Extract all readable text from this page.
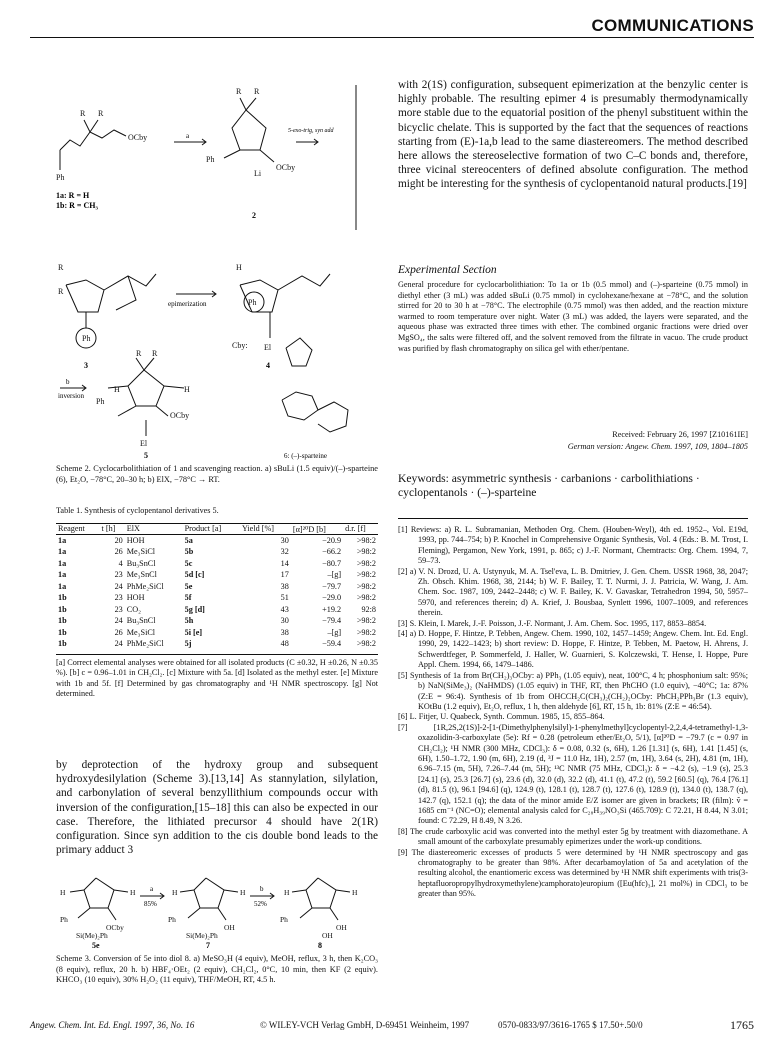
COMMUNICATIONS
R R
OCby
Ph
R R
Ph
OCby
Li
R
R
Ph
H
Ph
El
H	H
Ph
OCby
El
R R
Cby:
1a: R = H
1b: R = CH₃
2
3	4
5	6: (–)-sparteine
a
5-exo-trig, syn add
epimerization
b
inversion
Scheme 2. Cyclocarbolithiation of 1 and scavenging reaction. a) sBuLi (1.5 equiv)/(–)-sparteine (6), Et₂O, −78°C, 20–30 h; b) ElX, −78°C → RT.
Table 1. Synthesis of cyclopentanol derivatives 5.
Reagent	t [h]	ElX	Product [a]	Yield [%]	[α]²⁰D [b]	d.r. [f]
1a	20	HOH	5a	30	−20.9	>98:2
1a	26	Me₃SiCl	5b	32	−66.2	>98:2
1a	4	Bu₃SnCl	5c	14	−80.7	>98:2
1a	23	Me₃SnCl	5d [c]	17	–[g]	>98:2
1a	24	PhMe₂SiCl	5e	38	−79.7	>98:2
1b	23	HOH	5f	51	−29.0	>98:2
1b	23	CO₂	5g [d]	43	+19.2	92:8
1b	24	Bu₃SnCl	5h	30	−79.4	>98:2
1b	26	Me₃SiCl	5i [e]	38	–[g]	>98:2
1b	24	PhMe₂SiCl	5j	48	−59.4	>98:2
[a] Correct elemental analyses were obtained for all isolated products (C ±0.32, H ±0.26, N ±0.35 %). [b] c = 0.96–1.01 in CH₂Cl₂. [c] Mixture with 5a. [d] Isolated as the methyl ester. [e] Mixture with 1b and 5f. [f] Determined by gas chromatography and ¹H NMR spectroscopy. [g] Not determined.
by deprotection of the hydroxy group and subsequent hydroxydesilylation (Scheme 3).[13,14] As stannylation, silylation, and carbonylation of several benzyllithium compounds occur with inversion of the configuration,[15–18] this can also be expected in our case. Therefore, the lithiated precursor 4 should have 2(1R) configuration. Since syn addition to the cis double bond leads to the primary adduct 3
H	H
Ph
OCby
Si(Me)₂Ph
H	H
Ph
OH
Si(Me)₂Ph
H	H
Ph
OH
OH
5e	7	8
a
85%
b
52%
Scheme 3. Conversion of 5e into diol 8. a) MeSO₃H (4 equiv), MeOH, reflux, 3 h, then K₂CO₃ (8 equiv), reflux, 20 h. b) HBF₄·OEt₂ (2 equiv), CH₂Cl₂, 0°C, 10 min, then KF (2 equiv). KHCO₃ (10 equiv), 30% H₂O₂ (11 equiv), THF/MeOH, RT, 4.5 h.
with 2(1S) configuration, subsequent epimerization at the benzylic center is highly probable. The resulting epimer 4 is presumably thermodynamically more stable due to the equatorial position of the phenyl substituent within the bicyclic chelate. This is supported by the fact that the sequences of reactions starting from (E)-1a,b lead to the same diastereomers. The method described here allows the stereoselective formation of two C–C bonds and, therefore, three vicinal stereocenters of defined absolute configuration. The method might be interesting for the synthesis of cyclopentanoid natural products.[19]
Experimental Section
General procedure for cyclocarbolithiation: To 1a or 1b (0.5 mmol) and (–)-sparteine (0.75 mmol) in diethyl ether (3 mL) was added sBuLi (0.75 mmol) in cyclohexane/hexane at −78°C, and the solution stirred for 20 to 30 h at −78°C. The electrophile (0.75 mmol) was then added, and the reaction mixture warmed to room temperature over night. Water (3 mL) was added, the layers were separated, and the aqueous phase was extracted three times with ether. The combined organic fractions were dried over MgSO₄, the salts were filtered off, and the solvent removed from the filtrate in vacuo. The crude product was purified by flash chromatography on silica gel with ether/pentane.
Received: February 26, 1997 [Z10161IE]
German version: Angew. Chem. 1997, 109, 1804–1805
Keywords: asymmetric synthesis · carbanions · carbolithiations · cyclopentanols · (–)-sparteine
[1] Reviews: a) R. L. Subramanian, Methoden Org. Chem. (Houben-Weyl), 4th ed. 1952–, Vol. E19d, 1993, pp. 744–754; b) P. Knochel in Comprehensive Organic Synthesis, Vol. 4 (Eds.: B. M. Trost, I. Fleming), Pergamon, New York, 1991, p. 865; c) J.-F. Normant, Chemtracts: Org. Chem. 1994, 7, 59–73.
[2] a) V. N. Drozd, U. A. Ustynyuk, M. A. Tsel'eva, L. B. Dmitriev, J. Gen. Chem. USSR 1968, 38, 2047; Zh. Obsch. Khim. 1968, 38, 2144; b) W. F. Bailey, T. T. Nurmi, J. J. Patricia, W. Wang, J. Am. Chem. Soc. 1987, 109, 2442–2448; c) W. F. Bailey, K. V. Gavaskar, Tetrahedron 1994, 50, 5957–5970, and references therein; d) A. Krief, J. Bousbaa, Synlett 1996, 1007–1009, and references therein.
[3] S. Klein, I. Marek, J.-F. Poisson, J.-F. Normant, J. Am. Chem. Soc. 1995, 117, 8853–8854.
[4] a) D. Hoppe, F. Hintze, P. Tebben, Angew. Chem. 1990, 102, 1457–1459; Angew. Chem. Int. Ed. Engl. 1990, 29, 1422–1423; b) short review: D. Hoppe, F. Hintze, P. Tebben, M. Paetow, H. Ahrens, J. Schwerdtfeger, P. Sommerfeld, J. Haller, W. Guarnieri, S. Kolczewski, T. Hense, I. Hoppe, Pure Appl. Chem. 1994, 66, 1479–1486.
[5] Synthesis of 1a from Br(CH₂)₃OCby: a) PPh₃ (1.05 equiv), neat, 100°C, 4 h; phosphonium salt: 95%; b) NaN(SiMe₃)₂ (NaHMDS) (1.05 equiv) in THF, RT, then PhCHO (1.0 equiv), −40°C; 1a: 87% (Z:E = 96:4). Synthesis of 1b from OHCCH₂C(CH₃)₂(CH₂)₂OCby: PhCH₂PPh₃Br (1.3 equiv), KOtBu (1.2 equiv), Et₂O, reflux, 1 h, then aldehyde [6], RT, 15 h, 1b: 81% (Z:E = 46:54).
[6] L. Fitjer, U. Quabeck, Synth. Commun. 1985, 15, 855–864.
[7] [1R,2S,2(1S)]-2-[1-(Dimethylphenylsilyl)-1-phenylmethyl]cyclopentyl-2,2,4,4-tetramethyl-1,3-oxazolidin-3-carboxylate (5e): Rf = 0.28 (petroleum ether/Et₂O, 5/1), [α]²⁰D = −79.7 (c = 0.97 in CH₂Cl₂); ¹H NMR (300 MHz, CDCl₃): δ = 0.08, 0.32 (s, 6H), 1.26 [1.31] (s, 6H), 1.41 [1.45] (s, 6H), 1.50–1.72, 1.90 (m, 6H), 2.19 (d, ³J = 11.0 Hz, 1H), 2.57 (m, 1H), 3.64 (s, 2H), 4.81 (m, 1H), 6.96–7.15 (m, 5H), 7.26–7.44 (m, 5H); ¹³C NMR (75 MHz, CDCl₃): δ = −4.2 (s), −1.9 (s), 25.3 [24.1] (s), 25.3 [26.7] (s), 23.6 (d), 32.0 (d), 32.2 (d), 41.1 (t), 47.2 (t), 59.2 [60.5] (q), 76.4 [76.1] (d), 81.5 (t), 96.1 [94.6] (q), 124.9 (t), 128.1 (t), 128.7 (t), 127.6 (t), 128.9 (t), 134.0 (t), 138.7 (q), 142.7 (q), 152.1 (q); the data of the minor amide E/Z isomer are given in brackets; IR (film): ṽ = 1685 cm⁻¹ (NC=O); elemental analysis calcd for C₂₈H₃₉NO₃Si (465.709): C 72.21, H 8.44, N 3.01; found: C 72.29, H 8.49, N 3.26.
[8] The crude carboxylic acid was converted into the methyl ester 5g by treatment with diazomethane. A small amount of the carboxylate presumably epimerizes under the work-up conditions.
[9] The diastereomeric excesses of products 5 were determined by ¹H NMR spectroscopy and gas chromatography to be greater than 98%. After decarbamoylation of 5a and acetylation of the resulting alcohol, the enantiomeric excess was determined by ¹H NMR shift experiments with tris(3-heptafluoropropylhydroxymethylene)camphorato)europium ([Eu(hfc)₃], 21 mol%) in CDCl₃ to be greater than 95%.
Angew. Chem. Int. Ed. Engl. 1997, 36, No. 16	© WILEY-VCH Verlag GmbH, D-69451 Weinheim, 1997	0570-0833/97/3616-1765 $ 17.50+.50/0	1765
